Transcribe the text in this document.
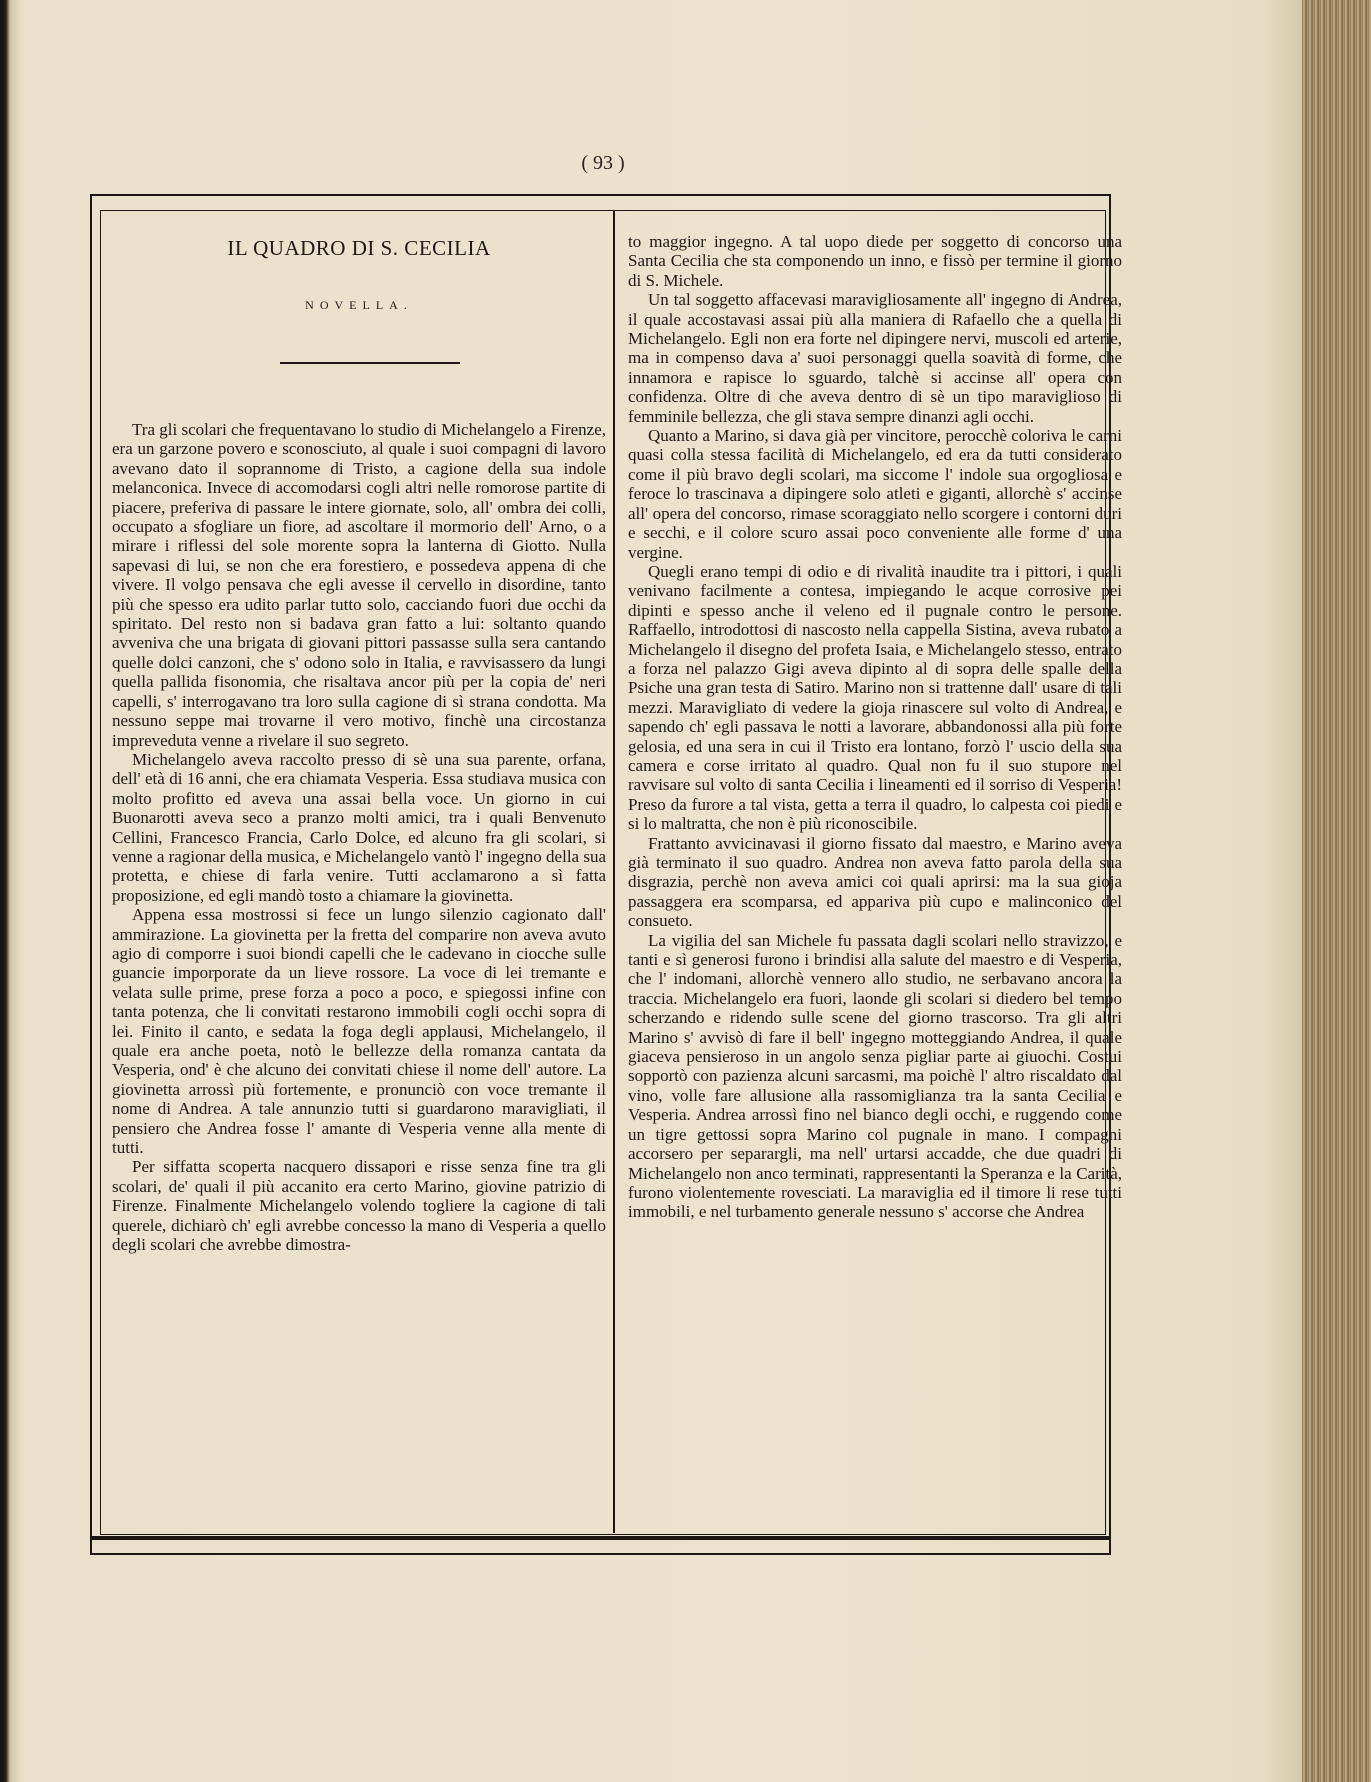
( 93 )
IL QUADRO DI S. CECILIA
NOVELLA.

Tra gli scolari che frequentavano lo studio di Michelangelo a Firenze, era un garzone povero e sconosciuto, al quale i suoi compagni di lavoro avevano dato il soprannome di Tristo, a cagione della sua indole melanconica. Invece di accomodarsi cogli altri nelle romorose partite di piacere, preferiva di passare le intere giornate, solo, all' ombra dei colli, occupato a sfogliare un fiore, ad ascoltare il mormorio dell' Arno, o a mirare i riflessi del sole morente sopra la lanterna di Giotto. Nulla sapevasi di lui, se non che era forestiero, e possedeva appena di che vivere. Il volgo pensava che egli avesse il cervello in disordine, tanto più che spesso era udito parlar tutto solo, cacciando fuori due occhi da spiritato. Del resto non si badava gran fatto a lui: soltanto quando avveniva che una brigata di giovani pittori passasse sulla sera cantando quelle dolci canzoni, che s' odono solo in Italia, e ravvisassero da lungi quella pallida fisonomia, che risaltava ancor più per la copia de' neri capelli, s' interrogavano tra loro sulla cagione di sì strana condotta. Ma nessuno seppe mai trovarne il vero motivo, finchè una circostanza impreveduta venne a rivelare il suo segreto.

Michelangelo aveva raccolto presso di sè una sua parente, orfana, dell' età di 16 anni, che era chiamata Vesperia. Essa studiava musica con molto profitto ed aveva una assai bella voce. Un giorno in cui Buonarotti aveva seco a pranzo molti amici, tra i quali Benvenuto Cellini, Francesco Francia, Carlo Dolce, ed alcuno fra gli scolari, si venne a ragionar della musica, e Michelangelo vantò l' ingegno della sua protetta, e chiese di farla venire. Tutti acclamarono a sì fatta proposizione, ed egli mandò tosto a chiamare la giovinetta.

Appena essa mostrossi si fece un lungo silenzio cagionato dall' ammirazione. La giovinetta per la fretta del comparire non aveva avuto agio di comporre i suoi biondi capelli che le cadevano in ciocche sulle guancie imporporate da un lieve rossore. La voce di lei tremante e velata sulle prime, prese forza a poco a poco, e spiegossi infine con tanta potenza, che li convitati restarono immobili cogli occhi sopra di lei. Finito il canto, e sedata la foga degli applausi, Michelangelo, il quale era anche poeta, notò le bellezze della romanza cantata da Vesperia, ond' è che alcuno dei convitati chiese il nome dell' autore. La giovinetta arrossì più fortemente, e pronunciò con voce tremante il nome di Andrea. A tale annunzio tutti si guardarono maravigliati, il pensiero che Andrea fosse l' amante di Vesperia venne alla mente di tutti.

Per siffatta scoperta nacquero dissapori e risse senza fine tra gli scolari, de' quali il più accanito era certo Marino, giovine patrizio di Firenze. Finalmente Michelangelo volendo togliere la cagione di tali querele, dichiarò ch' egli avrebbe concesso la mano di Vesperia a quello degli scolari che avrebbe dimostra-

to maggior ingegno. A tal uopo diede per soggetto di concorso una Santa Cecilia che sta componendo un inno, e fissò per termine il giorno di S. Michele.

Un tal soggetto affacevasi maravigliosamente all' ingegno di Andrea, il quale accostavasi assai più alla maniera di Rafaello che a quella di Michelangelo. Egli non era forte nel dipingere nervi, muscoli ed arterie, ma in compenso dava a' suoi personaggi quella soavità di forme, che innamora e rapisce lo sguardo, talchè si accinse all' opera con confidenza. Oltre di che aveva dentro di sè un tipo maraviglioso di femminile bellezza, che gli stava sempre dinanzi agli occhi.

Quanto a Marino, si dava già per vincitore, perocchè coloriva le carni quasi colla stessa facilità di Michelangelo, ed era da tutti considerato come il più bravo degli scolari, ma siccome l' indole sua orgogliosa e feroce lo trascinava a dipingere solo atleti e giganti, allorchè s' accinse all' opera del concorso, rimase scoraggiato nello scorgere i contorni duri e secchi, e il colore scuro assai poco conveniente alle forme d' una vergine.

Quegli erano tempi di odio e di rivalità inaudite tra i pittori, i quali venivano facilmente a contesa, impiegando le acque corrosive pei dipinti e spesso anche il veleno ed il pugnale contro le persone. Raffaello, introdottosi di nascosto nella cappella Sistina, aveva rubato a Michelangelo il disegno del profeta Isaia, e Michelangelo stesso, entrato a forza nel palazzo Gigi aveva dipinto al di sopra delle spalle della Psiche una gran testa di Satiro. Marino non si trattenne dall' usare di tali mezzi. Maravigliato di vedere la gioja rinascere sul volto di Andrea, e sapendo ch' egli passava le notti a lavorare, abbandonossi alla più forte gelosia, ed una sera in cui il Tristo era lontano, forzò l' uscio della sua camera e corse irritato al quadro. Qual non fu il suo stupore nel ravvisare sul volto di santa Cecilia i lineamenti ed il sorriso di Vesperia! Preso da furore a tal vista, getta a terra il quadro, lo calpesta coi piedi e si lo maltratta, che non è più riconoscibile.

Frattanto avvicinavasi il giorno fissato dal maestro, e Marino aveva già terminato il suo quadro. Andrea non aveva fatto parola della sua disgrazia, perchè non aveva amici coi quali aprirsi: ma la sua gioja passaggera era scomparsa, ed appariva più cupo e malinconico del consueto.

La vigilia del san Michele fu passata dagli scolari nello stravizzo, e tanti e sì generosi furono i brindisi alla salute del maestro e di Vesperia, che l' indomani, allorchè vennero allo studio, ne serbavano ancora la traccia. Michelangelo era fuori, laonde gli scolari si diedero bel tempo scherzando e ridendo sulle scene del giorno trascorso. Tra gli altri Marino s' avvisò di fare il bell' ingegno motteggiando Andrea, il quale giaceva pensieroso in un angolo senza pigliar parte ai giuochi. Costui sopportò con pazienza alcuni sarcasmi, ma poichè l' altro riscaldato dal vino, volle fare allusione alla rassomiglianza tra la santa Cecilia e Vesperia. Andrea arrossì fino nel bianco degli occhi, e ruggendo come un tigre gettossi sopra Marino col pugnale in mano. I compagni accorsero per separargli, ma nell' urtarsi accadde, che due quadri di Michelangelo non anco terminati, rappresentanti la Speranza e la Carità, furono violentemente rovesciati. La maraviglia ed il timore li rese tutti immobili, e nel turbamento generale nessuno s' accorse che Andrea
